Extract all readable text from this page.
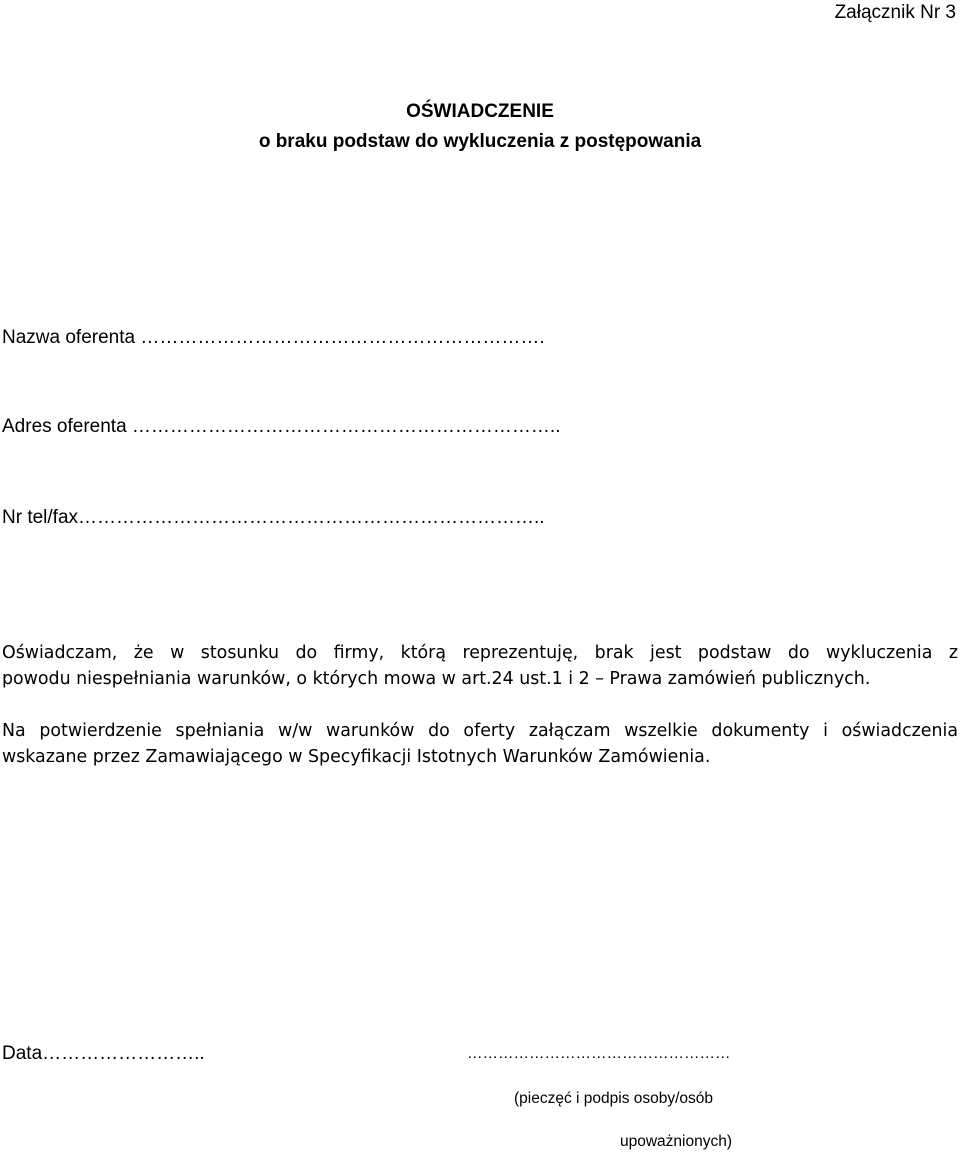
Załącznik Nr 3
OŚWIADCZENIE
o braku podstaw do wykluczenia z postępowania
Nazwa oferenta ……………………………………………………….
Adres oferenta …………………………………………………………..
Nr tel/fax………………………………………………………………..
Oświadczam, że w stosunku do firmy, którą reprezentuję, brak jest podstaw do wykluczenia z
powodu niespełniania warunków, o których mowa w art.24 ust.1 i 2 – Prawa zamówień publicznych.
Na potwierdzenie spełniania w/w warunków do oferty załączam wszelkie dokumenty i oświadczenia
wskazane przez Zamawiającego w Specyfikacji Istotnych Warunków Zamówienia.
Data……………………..	……………………………………………
(pieczęć i podpis osoby/osób
upoważnionych)
